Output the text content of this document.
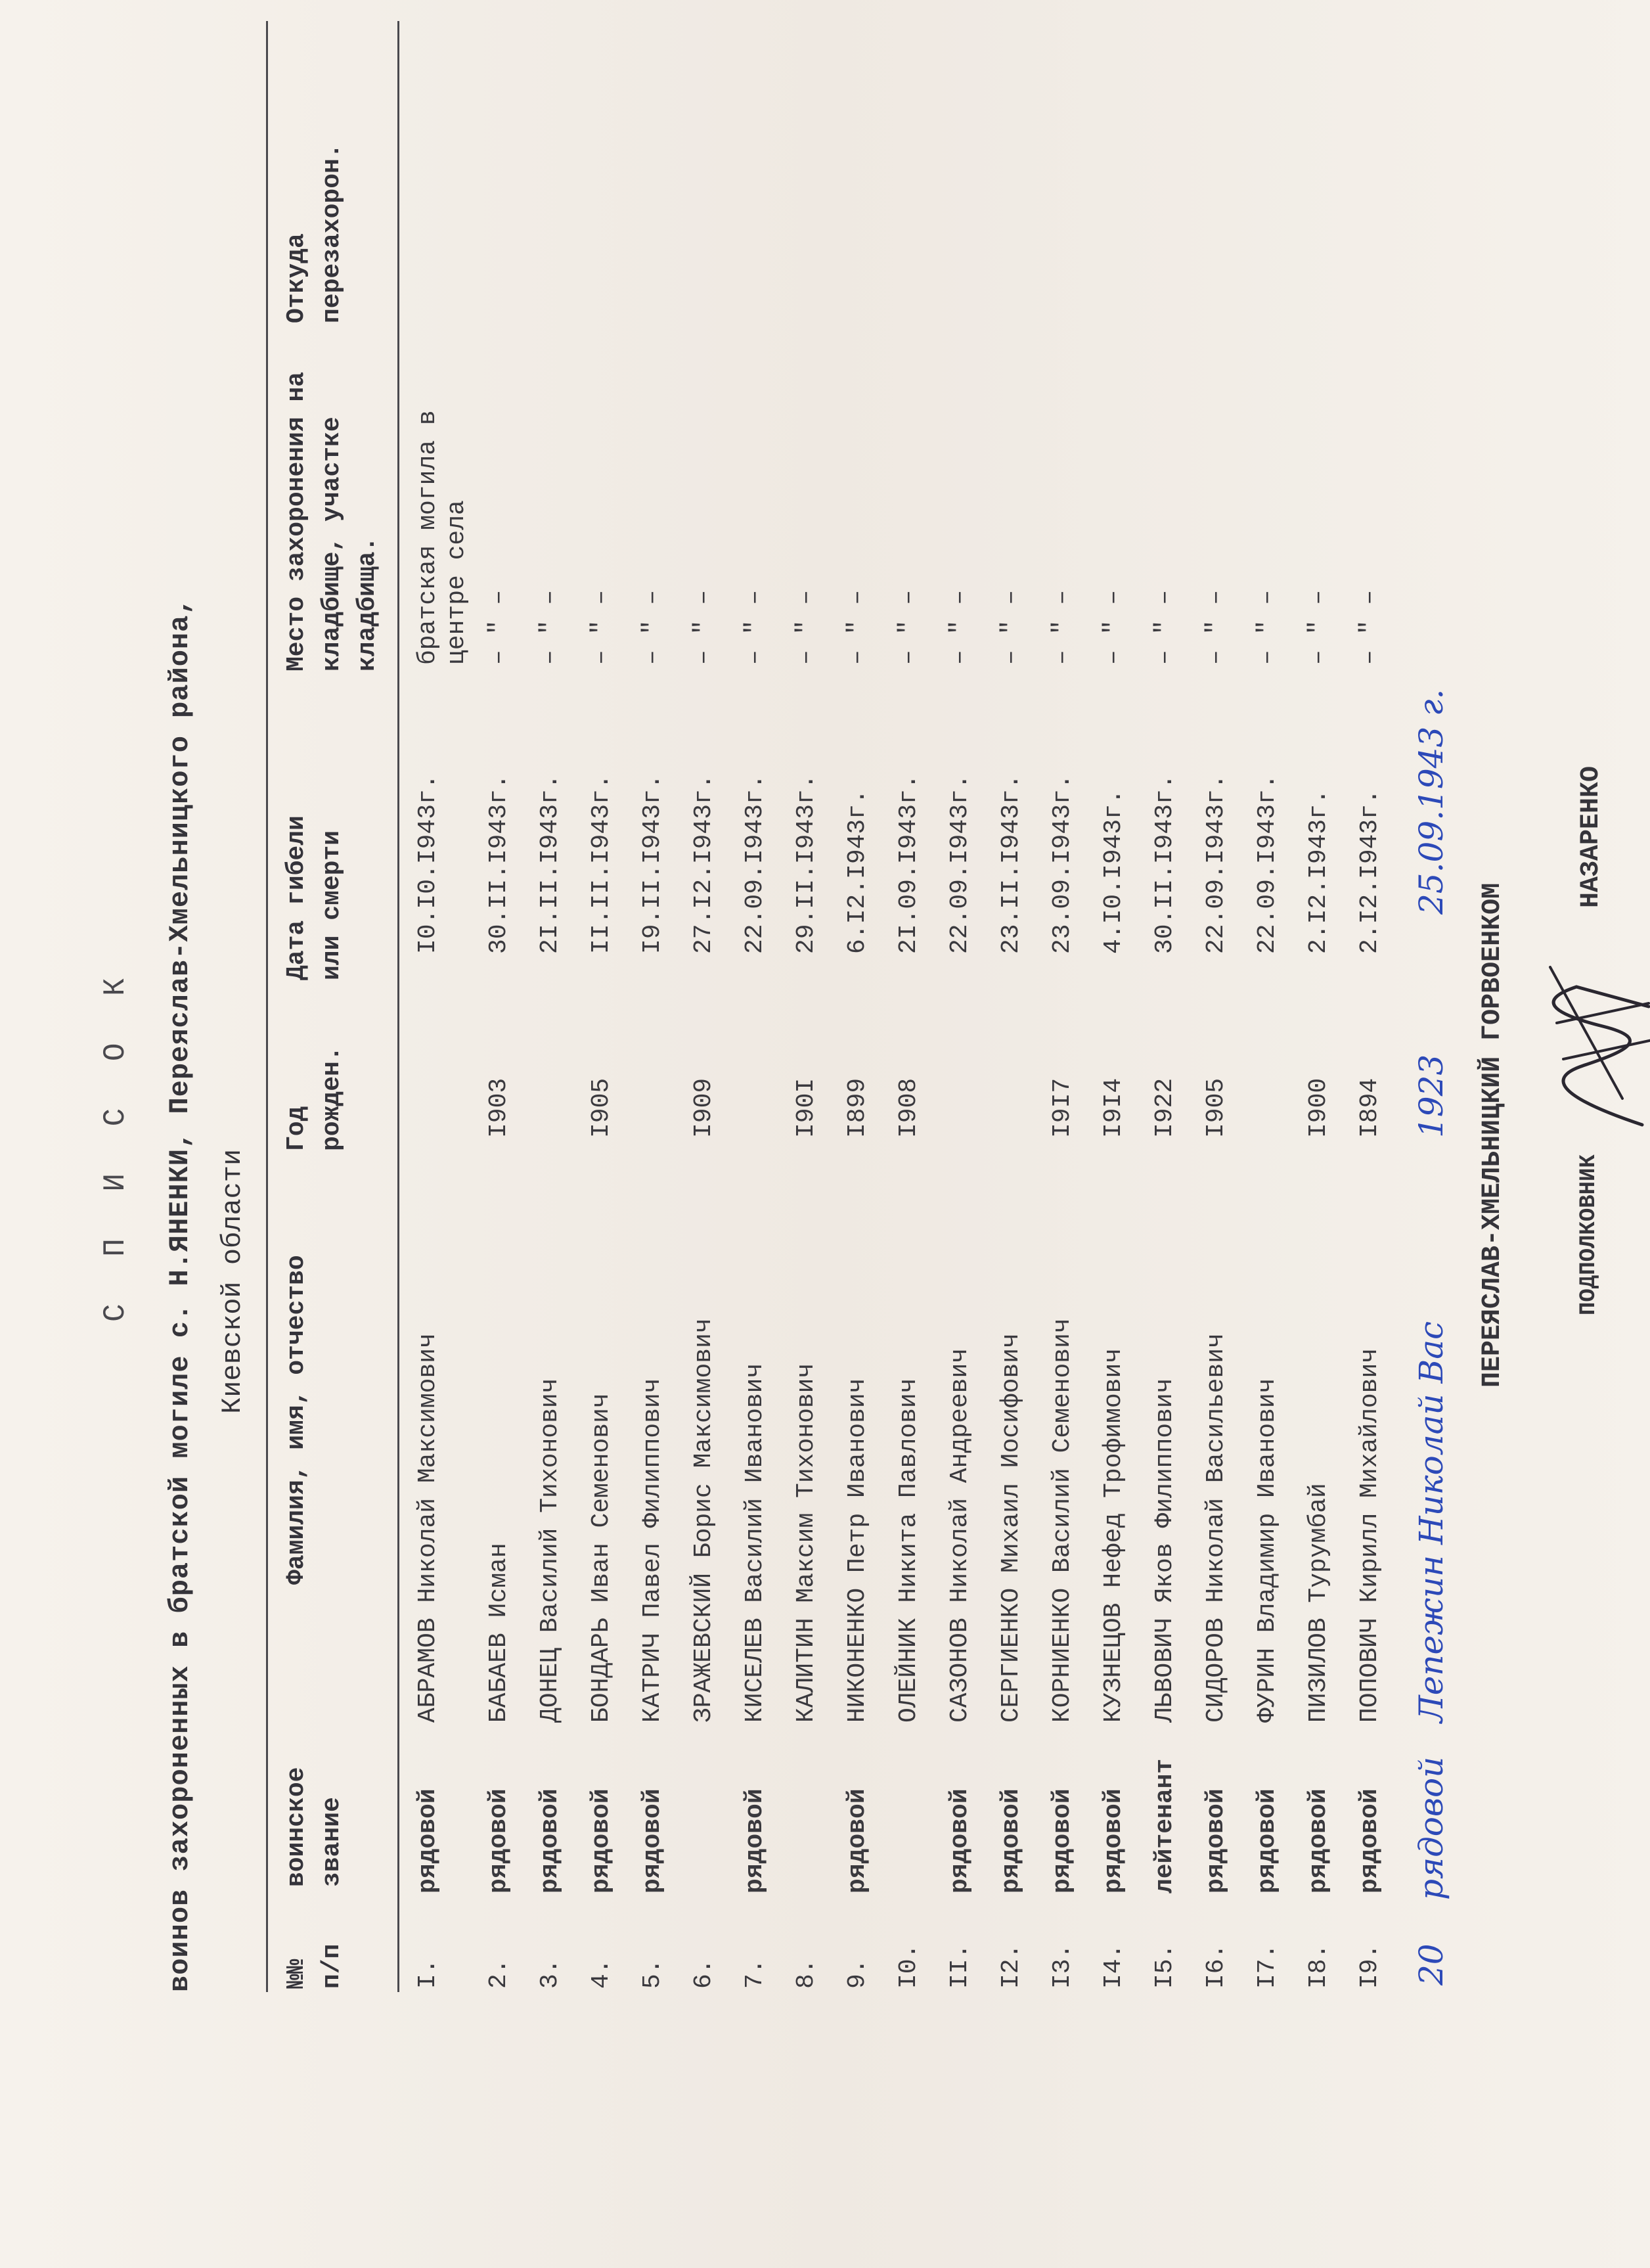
С П И С О К воинов захороненных в братской могиле с. Н.ЯНЕНКИ, Переяслав-Хмельницкого района, Киевской области
№№
п/п
воинское
звание
Фамилия, имя, отчество
Год
рожден.
Дата гибели
или смерти
Место захоронения на
кладбище, участке
кладбища.
Откуда
перезахорон.
I.
рядовой
АБРАМОВ Николай Максимович
I0.I0.I943г.
братская могила в
центре села
2.
рядовой
БАБАЕВ Исман
I903
30.II.I943г.
– " –
3.
рядовой
ДОНЕЦ Василий Тихонович
2I.II.I943г.
– " –
4.
рядовой
БОНДАРЬ Иван Семенович
I905
II.II.I943г.
– " –
5.
рядовой
КАТРИЧ Павел Филиппович
I9.II.I943г.
– " –
6.
ЗРАЖЕВСКИЙ Борис Максимович
I909
27.I2.I943г.
– " –
7.
рядовой
КИСЕЛЕВ Василий Иванович
22.09.I943г.
– " –
8.
КАЛИТИН Максим Тихонович
I90I
29.II.I943г.
– " –
9.
рядовой
НИКОНЕНКО Петр Иванович
I899
6.I2.I943г.
– " –
I0.
ОЛЕЙНИК Никита Павлович
I908
2I.09.I943г.
– " –
II.
рядовой
САЗОНОВ Николай Андреевич
22.09.I943г.
– " –
I2.
рядовой
СЕРГИЕНКО Михаил Иосифович
23.II.I943г.
– " –
I3.
рядовой
КОРНИЕНКО Василий Семенович
I9I7
23.09.I943г.
– " –
I4.
рядовой
КУЗНЕЦОВ Нефед Трофимович
I9I4
4.I0.I943г.
– " –
I5.
лейтенант
ЛЬВОВИЧ Яков Филиппович
I922
30.II.I943г.
– " –
I6.
рядовой
СИДОРОВ Николай Васильевич
I905
22.09.I943г.
– " –
I7.
рядовой
ФУРИН Владимир Иванович
22.09.I943г.
– " –
I8.
рядовой
ПИЗИЛОВ Турумбай
I900
2.I2.I943г.
– " –
I9.
рядовой
ПОПОВИЧ Кирилл Михайлович
I894
2.I2.I943г.
– " –
20
рядовой
Лепежин Николай Вас
1923
25.09.1943 г.
ПЕРЕЯСЛАВ-ХМЕЛЬНИЦКИЙ ГОРВОЕНКОМ	ПОДПОЛКОВНИК
НАЗАРЕНКО
